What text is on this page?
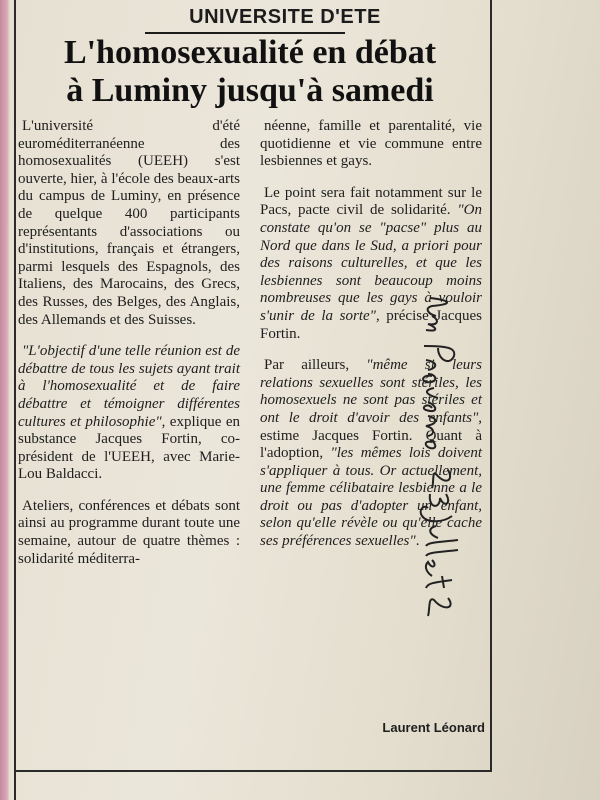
UNIVERSITE D'ETE
L'homosexualité en débat
à Luminy jusqu'à samedi

L'université d'été euroméditerranéenne des homosexualités (UEEH) s'est ouverte, hier, à l'école des beaux-arts du campus de Luminy, en présence de quelque 400 participants représentants d'associations ou d'institutions, français et étrangers, parmi lesquels des Espagnols, des Italiens, des Marocains, des Grecs, des Russes, des Belges, des Anglais, des Allemands et des Suisses.

"L'objectif d'une telle réunion est de débattre de tous les sujets ayant trait à l'homosexualité et de faire débattre et témoigner différentes cultures et philosophie", explique en substance Jacques Fortin, co-président de l'UEEH, avec Marie-Lou Baldacci.

Ateliers, conférences et débats sont ainsi au programme durant toute une semaine, autour de quatre thèmes : solidarité méditerra-

néenne, famille et parentalité, vie quotidienne et vie commune entre lesbiennes et gays.

Le point sera fait notamment sur le Pacs, pacte civil de solidarité. "On constate qu'on se "pacse" plus au Nord que dans le Sud, a priori pour des raisons culturelles, et que les lesbiennes sont beaucoup moins nombreuses que les gays à vouloir s'unir de la sorte", précise Jacques Fortin.

Par ailleurs, "même si leurs relations sexuelles sont stériles, les homosexuels ne sont pas stériles et ont le droit d'avoir des enfants", estime Jacques Fortin. Quant à l'adoption, "les mêmes lois doivent s'appliquer à tous. Or actuellement, une femme célibataire lesbienne a le droit ou pas d'adopter un enfant, selon qu'elle révèle ou qu'elle cache ses préférences sexuelles".

Laurent Léonard
